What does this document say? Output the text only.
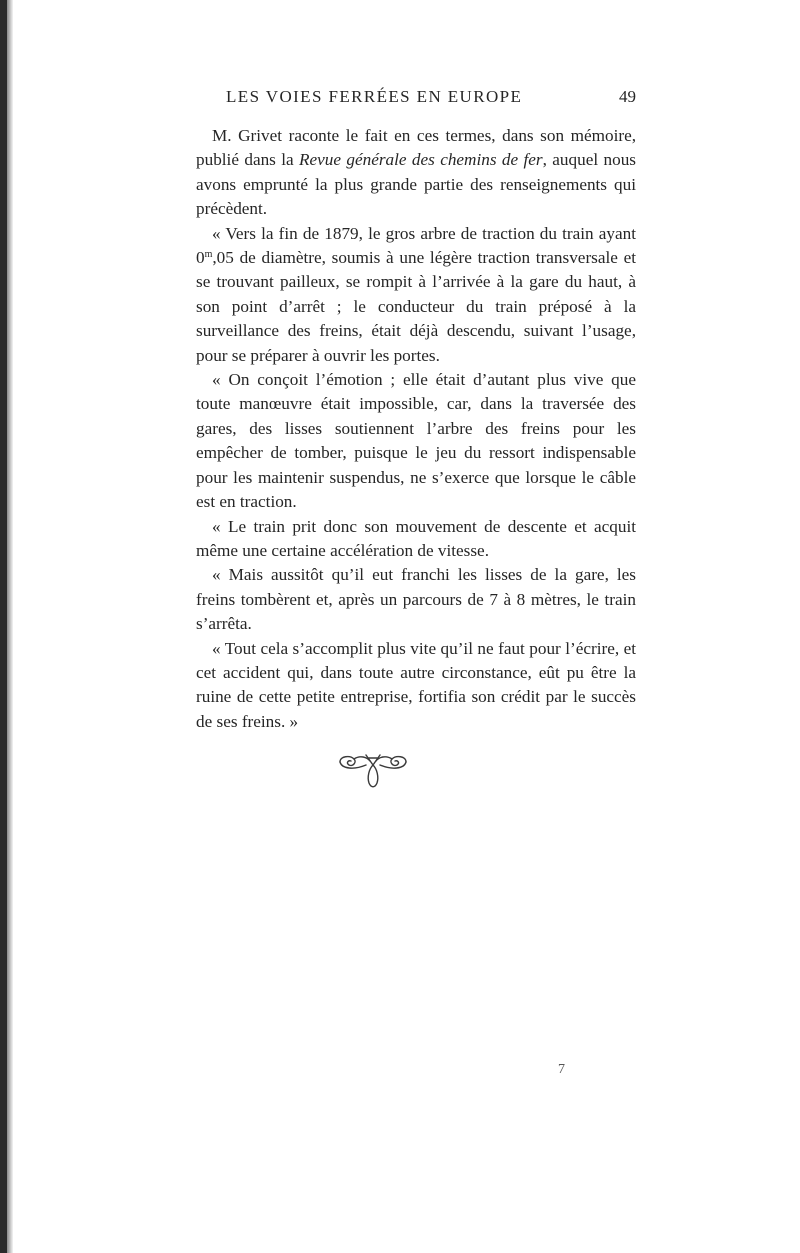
LES VOIES FERRÉES EN EUROPE	49

M. Grivet raconte le fait en ces termes, dans son mémoire, publié dans la Revue générale des chemins de fer, auquel nous avons emprunté la plus grande partie des renseignements qui précèdent.

« Vers la fin de 1879, le gros arbre de traction du train ayant 0$^m$,05 de diamètre, soumis à une légère traction transversale et se trouvant pailleux, se rompit à l’arrivée à la gare du haut, à son point d’arrêt ; le conducteur du train préposé à la surveillance des freins, était déjà descendu, suivant l’usage, pour se préparer à ouvrir les portes.

« On conçoit l’émotion ; elle était d’autant plus vive que toute manœuvre était impossible, car, dans la traversée des gares, des lisses soutiennent l’arbre des freins pour les empêcher de tomber, puisque le jeu du ressort indispensable pour les maintenir suspendus, ne s’exerce que lorsque le câble est en traction.

« Le train prit donc son mouvement de descente et acquit même une certaine accélération de vitesse.

« Mais aussitôt qu’il eut franchi les lisses de la gare, les freins tombèrent et, après un parcours de 7 à 8 mètres, le train s’arrêta.

« Tout cela s’accomplit plus vite qu’il ne faut pour l’écrire, et cet accident qui, dans toute autre circonstance, eût pu être la ruine de cette petite entreprise, fortifia son crédit par le succès de ses freins. »

7
